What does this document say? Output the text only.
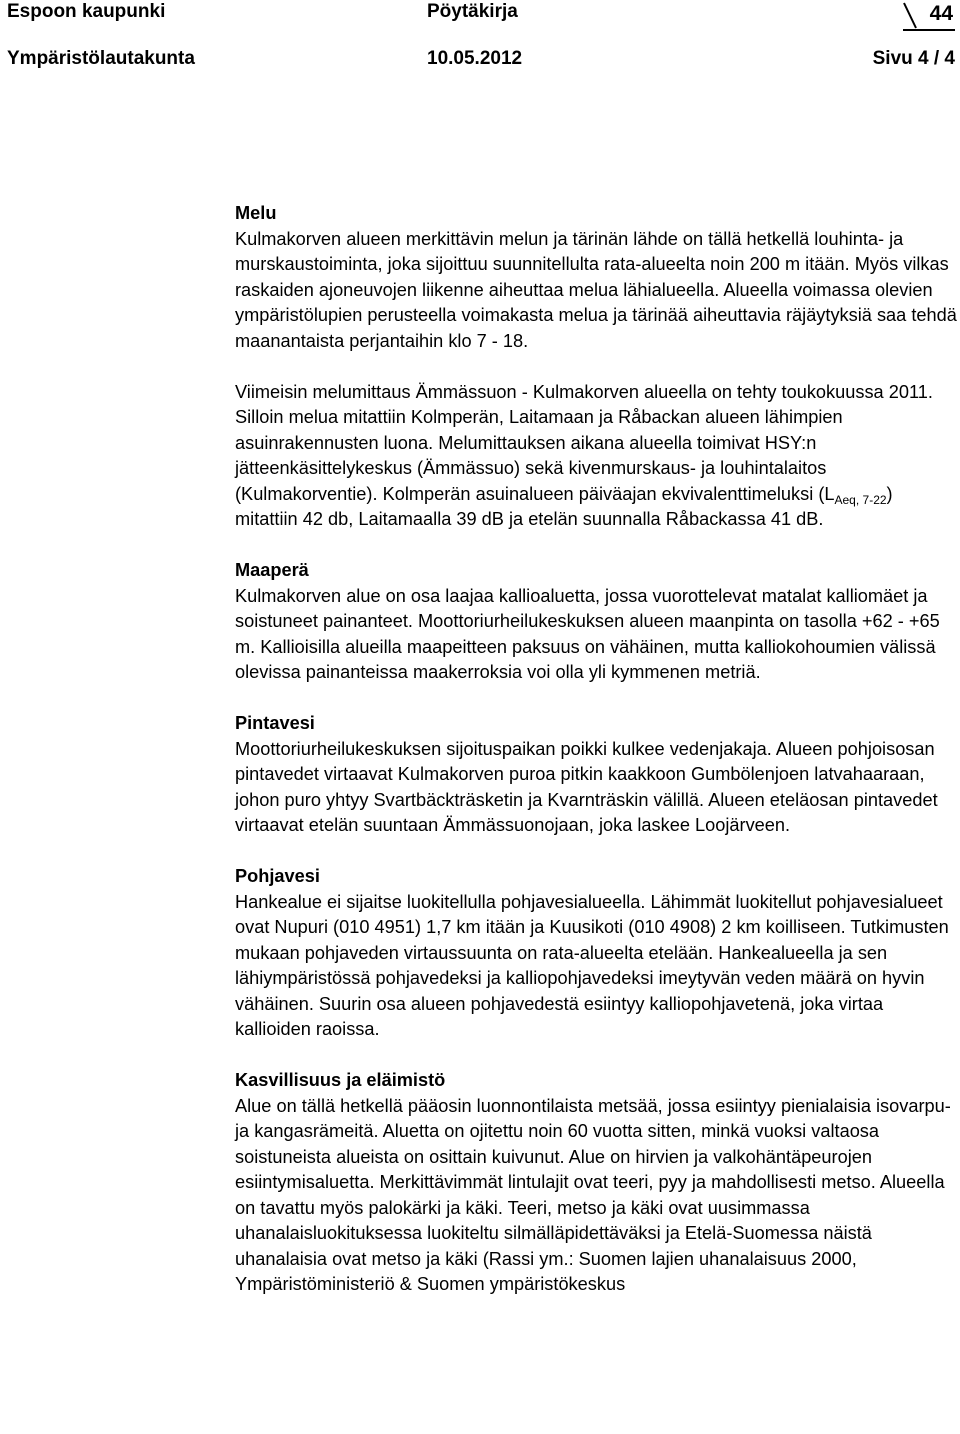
Espoon kaupunki	Pöytäkirja	44
Ympäristölautakunta	10.05.2012	Sivu 4 / 4
Melu

Kulmakorven alueen merkittävin melun ja tärinän lähde on tällä hetkellä louhinta- ja murskaustoiminta, joka sijoittuu suunnitellulta rata-alueelta noin 200 m itään. Myös vilkas raskaiden ajoneuvojen liikenne aiheuttaa melua lähialueella. Alueella voimassa olevien ympäristölupien perusteella voimakasta melua ja tärinää aiheuttavia räjäytyksiä saa tehdä maanantaista perjantaihin klo 7 - 18.

Viimeisin melumittaus Ämmässuon - Kulmakorven alueella on tehty toukokuussa 2011. Silloin melua mitattiin Kolmperän, Laitamaan ja Råbackan alueen lähimpien asuinrakennusten luona. Melumittauksen aikana alueella toimivat HSY:n jätteenkäsittelykeskus (Ämmässuo) sekä kivenmurskaus- ja louhintalaitos (Kulmakorventie). Kolmperän asuinalueen päiväajan ekvivalenttimeluksi $(L_{Aeq, 7-22})$ mitattiin 42 db, Laitamaalla 39 dB ja etelän suunnalla Råbackassa 41 dB.

Maaperä

Kulmakorven alue on osa laajaa kallioaluetta, jossa vuorottelevat matalat kalliomäet ja soistuneet painanteet. Moottoriurheilukeskuksen alueen maanpinta on tasolla +62 - +65 m. Kallioisilla alueilla maapeitteen paksuus on vähäinen, mutta kalliokohoumien välissä olevissa painanteissa maakerroksia voi olla yli kymmenen metriä.

Pintavesi

Moottoriurheilukeskuksen sijoituspaikan poikki kulkee vedenjakaja. Alueen pohjoisosan pintavedet virtaavat Kulmakorven puroa pitkin kaakkoon Gumbölenjoen latvahaaraan, johon puro yhtyy Svartbäckträsketin ja Kvarnträskin välillä. Alueen eteläosan pintavedet virtaavat etelän suuntaan Ämmässuonojaan, joka laskee Loojärveen.

Pohjavesi

Hankealue ei sijaitse luokitellulla pohjavesialueella. Lähimmät luokitellut pohjavesialueet ovat Nupuri (010 4951) 1,7 km itään ja Kuusikoti (010 4908) 2 km koilliseen. Tutkimusten mukaan pohjaveden virtaussuunta on rata-alueelta etelään. Hankealueella ja sen lähiympäristössä pohjavedeksi ja kalliopohjavedeksi imeytyvän veden määrä on hyvin vähäinen. Suurin osa alueen pohjavedestä esiintyy kalliopohjavetenä, joka virtaa kallioiden raoissa.

Kasvillisuus ja eläimistö

Alue on tällä hetkellä pääosin luonnontilaista metsää, jossa esiintyy pienialaisia isovarpu- ja kangasrämeitä. Aluetta on ojitettu noin 60 vuotta sitten, minkä vuoksi valtaosa soistuneista alueista on osittain kuivunut. Alue on hirvien ja valkohäntäpeurojen esiintymisaluetta. Merkittävimmät lintulajit ovat teeri, pyy ja mahdollisesti metso. Alueella on tavattu myös palokärki ja käki. Teeri, metso ja käki ovat uusimmassa uhanalaisluokituksessa luokiteltu silmälläpidettäväksi ja Etelä-Suomessa näistä uhanalaisia ovat metso ja käki (Rassi ym.: Suomen lajien uhanalaisuus 2000, Ympäristöministeriö & Suomen ympäristökeskus
